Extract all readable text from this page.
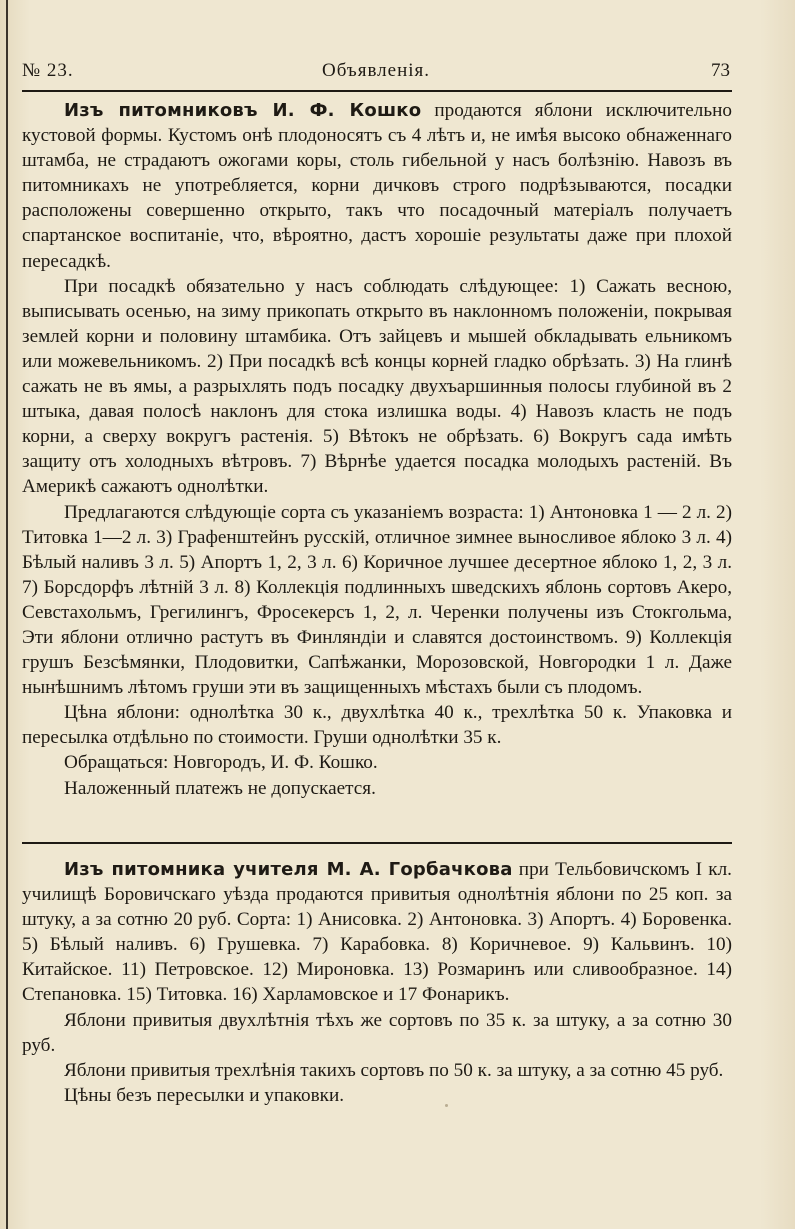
№ 23.	Объявленія.	73

Изъ питомниковъ И. Ф. Кошко продаются яблони исключительно кустовой формы. Кустомъ онѣ плодоносятъ съ 4 лѣтъ и, не имѣя высоко обнаженнаго штамба, не страдаютъ ожогами коры, столь гибельной у насъ болѣзнію. Навозъ въ питомникахъ не употребляется, корни дичковъ строго подрѣзываются, посадки расположены совершенно открыто, такъ что посадочный матеріалъ получаетъ спартанское воспитаніе, что, вѣроятно, дастъ хорошіе результаты даже при плохой пересадкѣ.

При посадкѣ обязательно у насъ соблюдать слѣдующее: 1) Сажать весною, выписывать осенью, на зиму прикопать открыто въ наклонномъ положеніи, покрывая землей корни и половину штамбика. Отъ зайцевъ и мышей обкладывать ельникомъ или можевельникомъ. 2) При посадкѣ всѣ концы корней гладко обрѣзать. 3) На глинѣ сажать не въ ямы, а разрыхлять подъ посадку двухъаршинныя полосы глубиной въ 2 штыка, давая полосѣ наклонъ для стока излишка воды. 4) Навозъ класть не подъ корни, а сверху вокругъ растенія. 5) Вѣтокъ не обрѣзать. 6) Вокругъ сада имѣть защиту отъ холодныхъ вѣтровъ. 7) Вѣрнѣе удается посадка молодыхъ растеній. Въ Америкѣ сажаютъ однолѣтки.

Предлагаются слѣдующіе сорта съ указаніемъ возраста: 1) Антоновка 1 — 2 л. 2) Титовка 1—2 л. 3) Графенштейнъ русскій, отличное зимнее выносливое яблоко 3 л. 4) Бѣлый наливъ 3 л. 5) Апортъ 1, 2, 3 л. 6) Коричное лучшее десертное яблоко 1, 2, 3 л. 7) Борсдорфъ лѣтній 3 л. 8) Коллекція подлинныхъ шведскихъ яблонь сортовъ Акеро, Севстахольмъ, Грегилингъ, Фросекерсъ 1, 2, л. Черенки получены изъ Стокгольма, Эти яблони отлично растутъ въ Финляндіи и славятся достоинствомъ. 9) Коллекція грушъ Безсѣмянки, Плодовитки, Сапѣжанки, Морозовской, Новгородки 1 л. Даже нынѣшнимъ лѣтомъ груши эти въ защищенныхъ мѣстахъ были съ плодомъ.

Цѣна яблони: однолѣтка 30 к., двухлѣтка 40 к., трехлѣтка 50 к. Упаковка и пересылка отдѣльно по стоимости. Груши однолѣтки 35 к.

Обращаться: Новгородъ, И. Ф. Кошко.

Наложенный платежъ не допускается.

Изъ питомника учителя М. А. Горбачкова при Тельбовичскомъ I кл. училищѣ Боровичскаго уѣзда продаются привитыя однолѣтнія яблони по 25 коп. за штуку, а за сотню 20 руб. Сорта: 1) Анисовка. 2) Антоновка. 3) Апортъ. 4) Боровенка. 5) Бѣлый наливъ. 6) Грушевка. 7) Карабовка. 8) Коричневое. 9) Кальвинъ. 10) Китайское. 11) Петровское. 12) Мироновка. 13) Розмаринъ или сливообразное. 14) Степановка. 15) Титовка. 16) Харламовское и 17 Фонарикъ.

Яблони привитыя двухлѣтнія тѣхъ же сортовъ по 35 к. за штуку, а за сотню 30 руб.

Яблони привитыя трехлѣнія такихъ сортовъ по 50 к. за штуку, а за сотню 45 руб.

Цѣны безъ пересылки и упаковки.
